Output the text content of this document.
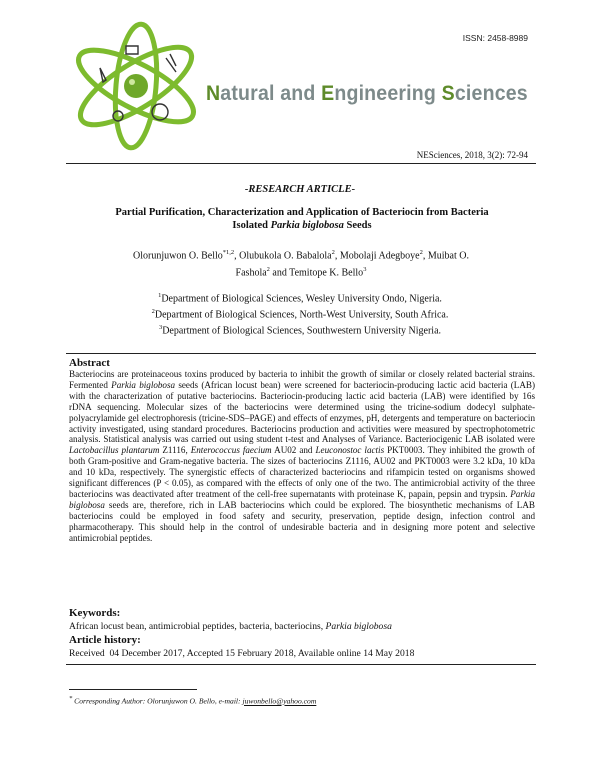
ISSN: 2458-8989
Natural and Engineering Sciences
NESciences, 2018, 3(2): 72-94
-RESEARCH ARTICLE-
Partial Purification, Characterization and Application of Bacteriocin from Bacteria Isolated Parkia biglobosa Seeds
Olorunjuwon O. Bello$^{*1,2}$, Olubukola O. Babalola$^2$, Mobolaji Adegboye$^2$, Muibat O. Fashola$^2$ and Temitope K. Bello$^3$
$^1$Department of Biological Sciences, Wesley University Ondo, Nigeria.
$^2$Department of Biological Sciences, North-West University, South Africa.
$^3$Department of Biological Sciences, Southwestern University Nigeria.
Abstract
Bacteriocins are proteinaceous toxins produced by bacteria to inhibit the growth of similar or closely related bacterial strains. Fermented Parkia biglobosa seeds (African locust bean) were screened for bacteriocin-producing lactic acid bacteria (LAB) with the characterization of putative bacteriocins. Bacteriocin-producing lactic acid bacteria (LAB) were identified by 16s rDNA sequencing. Molecular sizes of the bacteriocins were determined using the tricine-sodium dodecyl sulphate-polyacrylamide gel electrophoresis (tricine-SDS–PAGE) and effects of enzymes, pH, detergents and temperature on bacteriocin activity investigated, using standard procedures. Bacteriocins production and activities were measured by spectrophotometric analysis. Statistical analysis was carried out using student t-test and Analyses of Variance. Bacteriocigenic LAB isolated were Lactobacillus plantarum Z1116, Enterococcus faecium AU02 and Leuconostoc lactis PKT0003. They inhibited the growth of both Gram-positive and Gram-negative bacteria. The sizes of bacteriocins Z1116, AU02 and PKT0003 were 3.2 kDa, 10 kDa and 10 kDa, respectively. The synergistic effects of characterized bacteriocins and rifampicin tested on organisms showed significant differences (P < 0.05), as compared with the effects of only one of the two. The antimicrobial activity of the three bacteriocins was deactivated after treatment of the cell-free supernatants with proteinase K, papain, pepsin and trypsin. Parkia biglobosa seeds are, therefore, rich in LAB bacteriocins which could be explored. The biosynthetic mechanisms of LAB bacteriocins could be employed in food safety and security, preservation, peptide design, infection control and pharmacotherapy. This should help in the control of undesirable bacteria and in designing more potent and selective antimicrobial peptides.
Keywords:
African locust bean, antimicrobial peptides, bacteria, bacteriocins, Parkia biglobosa
Article history:
Received  04 December 2017, Accepted 15 February 2018, Available online 14 May 2018
* Corresponding Author: Olorunjuwon O. Bello, e-mail: juwonbello@yahoo.com
